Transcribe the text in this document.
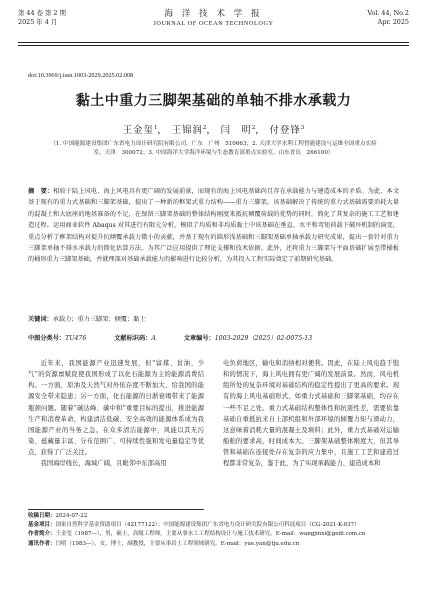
第 44 卷 第 2 期
2025 年 4 月
海 洋 技 术 学 报
JOURNAL OF OCEAN TECHNOLOGY
Vol. 44, No.2
Apr. 2025
doi:10.3969/j.issn.1003-2029.2025.02.008
黏土中重力三脚架基础的单轴不排水承载力
王金玺$^1$， 王锦润$^2$， 闫　明$^2$， 付登锋$^3$
（1. 中国能源建设集团广东省电力设计研究院有限公司，广东　广州　510663；2. 天津大学水利工程智能建设与运维全国重点实验室，天津　300072；3. 中国海洋大学海洋环境与生态教育部重点实验室，山东青岛　266100）
摘　要：相较于陆上风电，海上风电具有更广阔的发展前景，而现有的海上风电基础尚且存在承载能力与建造成本的矛盾。为此，本文基于现有的重力式基础和三脚架基础，提出了一种新的框架式重力结构——重力三脚架。该基础解决了传统的重力式基础需要消耗大量的混凝土和大底座的地基准备的不足，在保留三脚架基础的整体结构刚度来抵抗倾覆荷载的优势的同时，简化了其复杂的施工工艺和建造过程。运用商业软件 Abaqus 对其进行有限元分析，模拟了均质和非均质黏土中该基础在垂直、水平和弯矩荷载下破坏机制的演变，重点分析了框架结构对提升抗倾覆承载力微小的贡献，并基于现有的圆形浅基础和三脚架基础单轴承载力研究成果，提出一套针对重力三脚架单轴不排水承载力的简化估算方法。为其广泛应用提供了理论支撑和技术依据。此外，还将重力三脚架与平面基础扩展至带桶板的桶形重力三脚架基础，并就理深对基础承载能力的影响进行比较分析，为其投入工程实际奠定了前期研究基础。
关键词：承载力；重力三脚架；倾覆；黏土
中图分类号：TU476	文献标识码：A	文章编号：1003-2029（2025）02-0075-13

近年来，我国能源产业迅速发展，但“富煤、贫油、少气”的资源禀赋促使我国形成了以化石能源为主的能源消费结构。一方面，原油及天然气对外依存度不断加大，给我国的能源安全带来隐患；另一方面，化石能源的日渐衰竭带来了能源瓶颈问题。随着“碳达峰、碳中和”重要目标的提出，推进能源生产和消费革命，构建清洁低碳、安全高效的能源体系成为我国能源产业的当务之急。在众多清洁能源中，风能以其无污染、蕴藏量丰富、分布范围广、可持续性强和发电量稳定等优点，获得了广泛关注。

我国海岸线长，海域广阔，且毗邻中东部高用

电负荷地区，输电和消纳相对便利。因此，在陆上风电趋于饱和的情况下，海上风电拥有更广阔的发展前景。然而，风电机组所处的复杂环境对基础结构的稳定性提出了更高的要求。现有的海上风电基础形式，如重力式基础和三脚架基础，均存在一些不足之处。重力式基础结构整体性和抗震性差，需要依靠基础自重抵抗来自上部机组和外部环境的倾覆力矩与滑动力，这意味着消耗大量的混凝土及填料；此外，重力式基础对运输船舶的要求高，时间成本大。三脚架基础整体刚度大，但其导管和基础在连接处存在复杂的应力集中，且施工工艺和建造过程都非常复杂，鉴于此，为了实现承载能力、建造成本和

收稿日期：2024-07-22

基金项目：国家自然科学基金资助项目（42177122）；中国能源建设集团广东省电力设计研究院有限公司科技项目（CG-2021-K-037）

作者简介：王金玺（1987—），男，硕士，高级工程师，主要从事水工工程结构设计与施工技术研究。E-mail：wangjinxi@gedi.com.cn

通讯作者：闫明（1983—），女，博士，副教授，主要从事岩土工程领域研究。E-mail：yue.yan@tju.edu.cn
